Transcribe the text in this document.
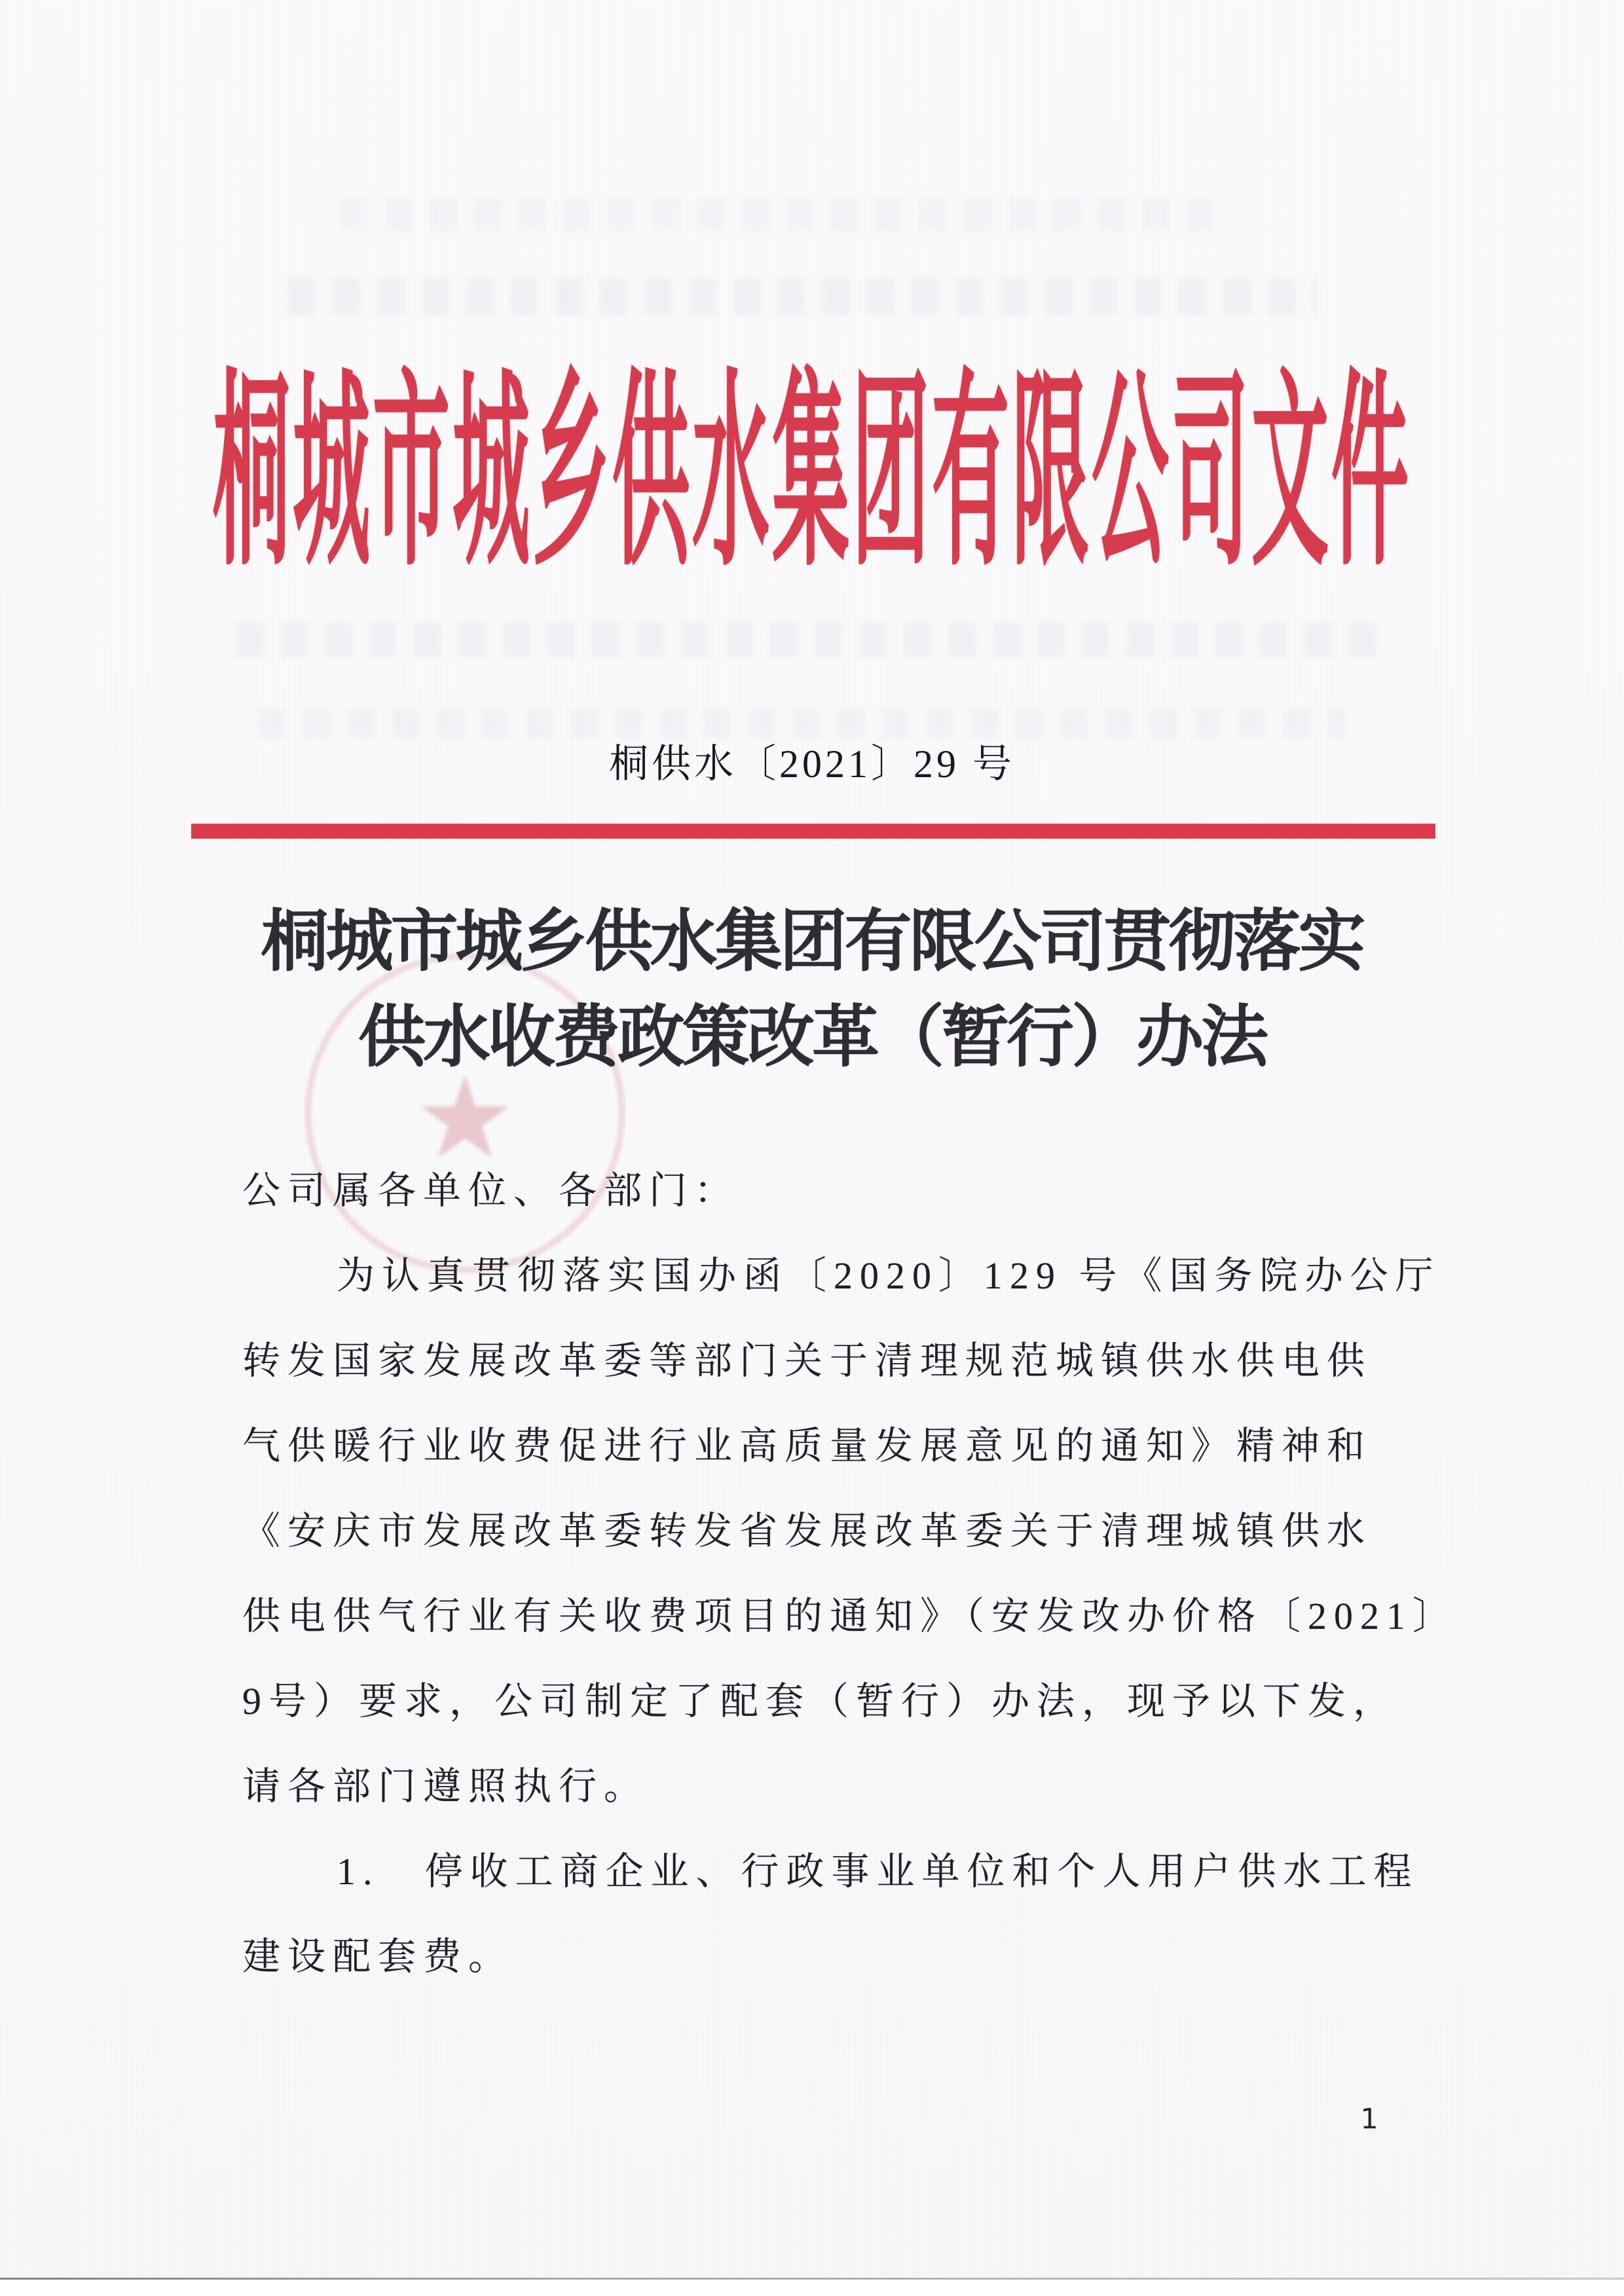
桐城市城乡供水集团有限公司文件
桐供水〔2021〕29 号
★
桐城市城乡供水集团有限公司贯彻落实
供水收费政策改革（暂行）办法
公司属各单位、各部门：
为认真贯彻落实国办函〔2020〕129 号《国务院办公厅
转发国家发展改革委等部门关于清理规范城镇供水供电供
气供暖行业收费促进行业高质量发展意见的通知》精神和
《安庆市发展改革委转发省发展改革委关于清理城镇供水
供电供气行业有关收费项目的通知》（安发改办价格〔2021〕
9号）要求，公司制定了配套（暂行）办法，现予以下发，
请各部门遵照执行。
1.　停收工商企业、行政事业单位和个人用户供水工程
建设配套费。
1
